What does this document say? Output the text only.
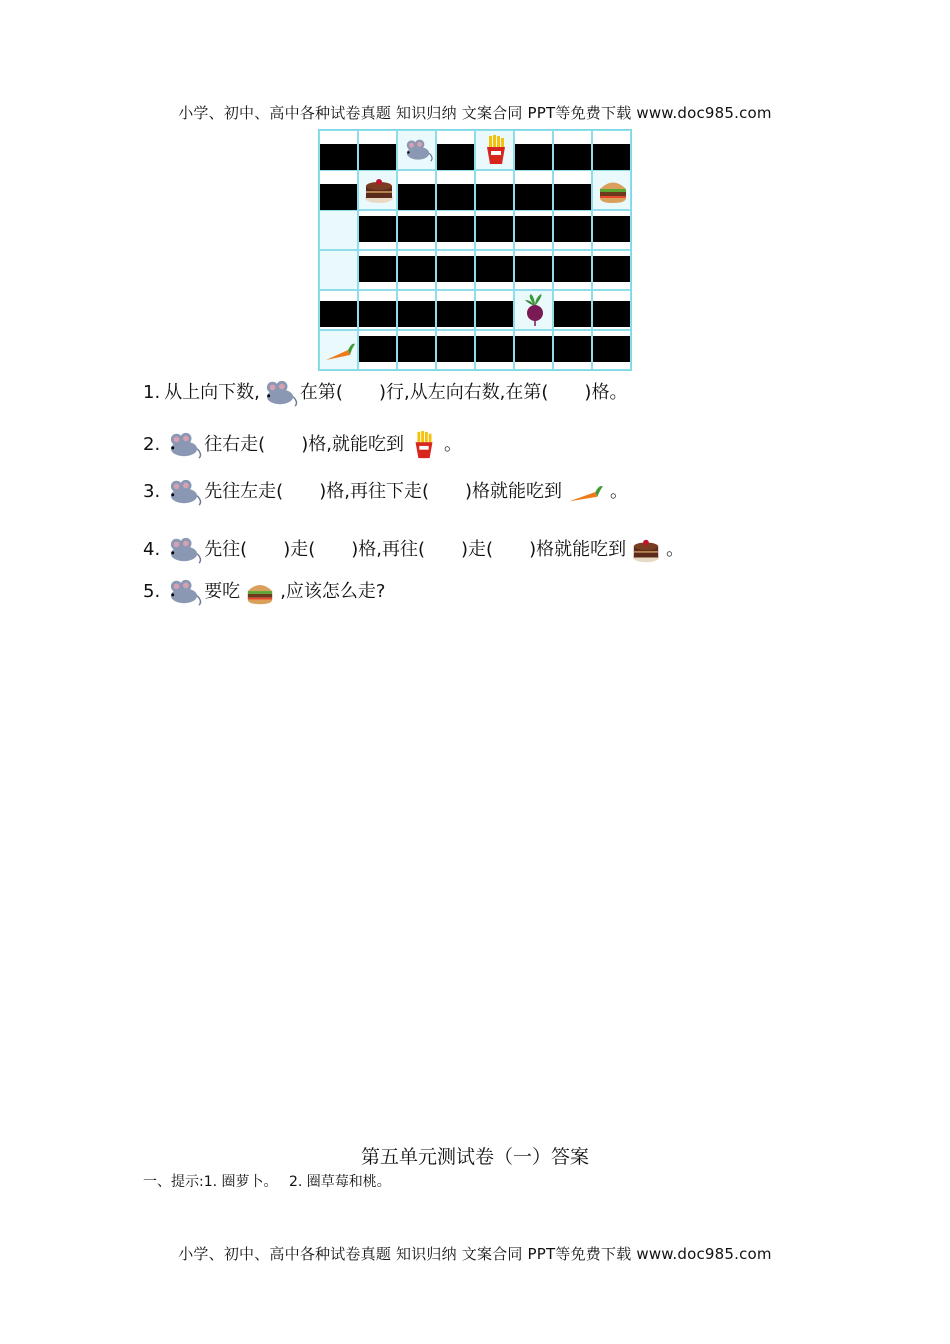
小学、初中、高中各种试卷真题 知识归纳 文案合同 PPT等免费下载 www.doc985.com
1. 从上向下数, 在第(　　)行,从左向右数,在第(　　)格。
2. 往右走(　　)格,就能吃到 。
3. 先往左走(　　)格,再往下走(　　)格就能吃到	。
4. 先往(　　)走(　　)格,再往(　　)走(　　)格就能吃到 。
5. 要吃 ,应该怎么走?
第五单元测试卷（一）答案
一、提示:1. 圈萝卜。　 2. 圈草莓和桃。
小学、初中、高中各种试卷真题 知识归纳 文案合同 PPT等免费下载 www.doc985.com
